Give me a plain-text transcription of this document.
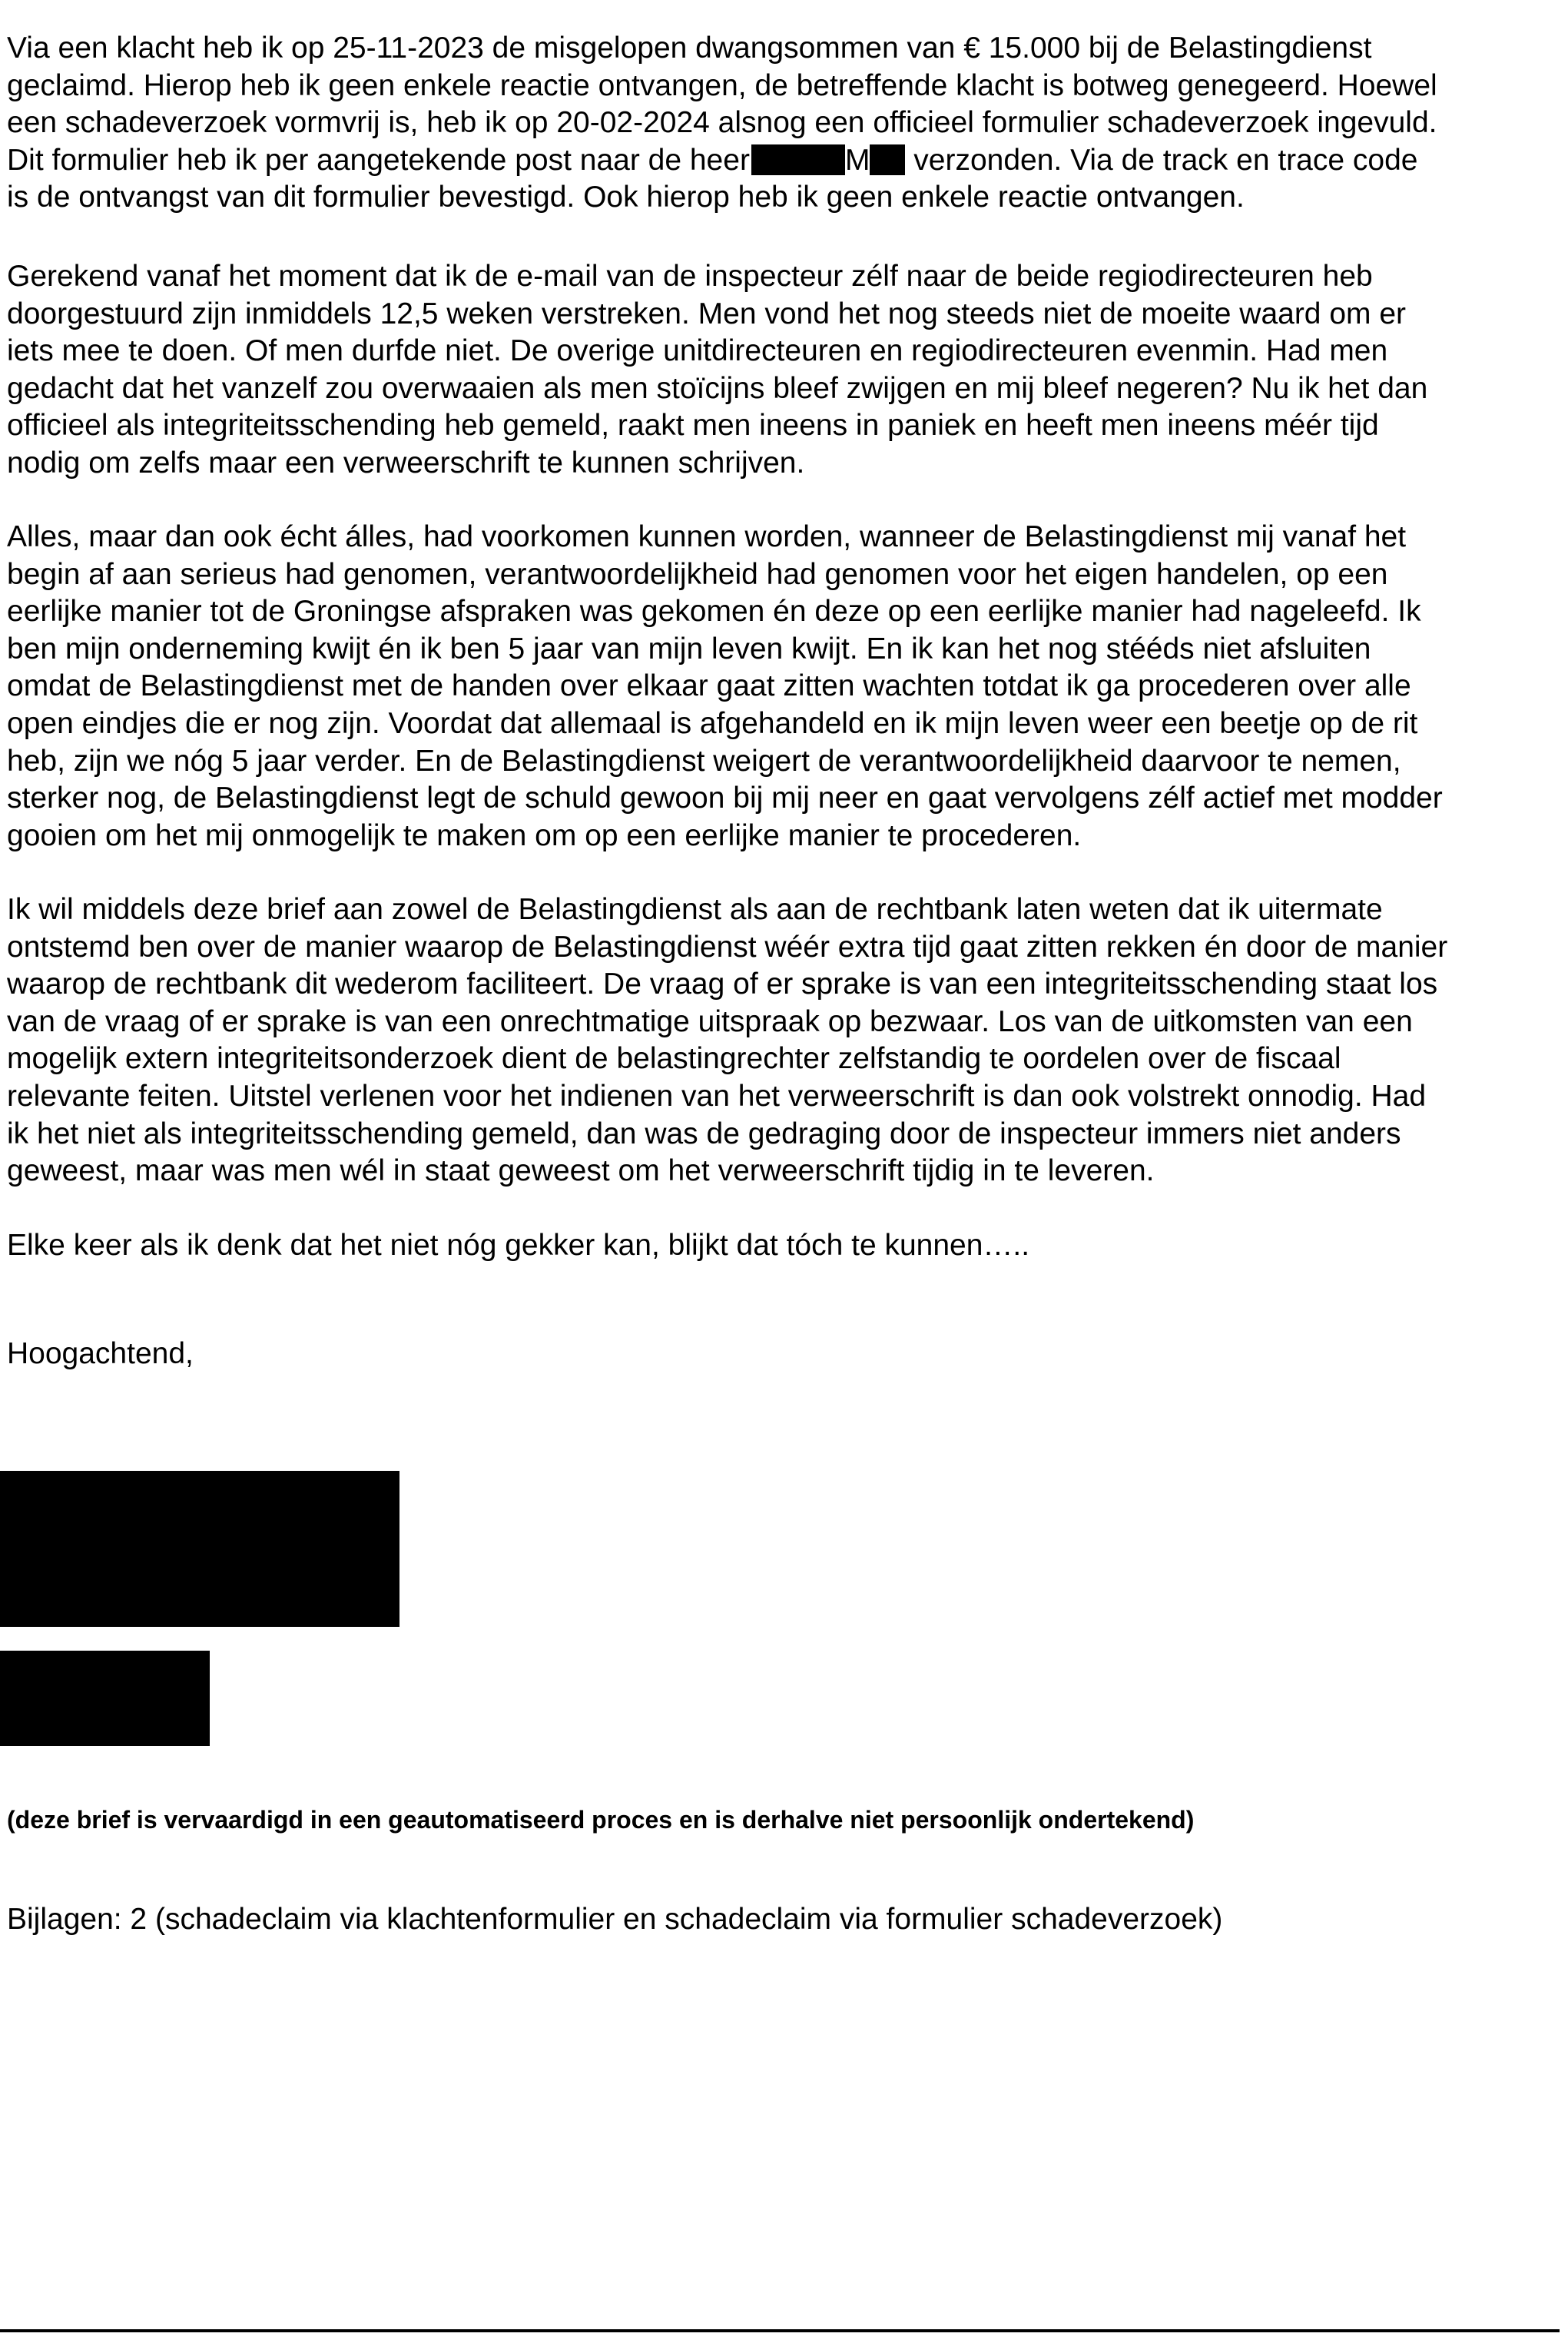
Via een klacht heb ik op 25-11-2023 de misgelopen dwangsommen van € 15.000 bij de Belastingdienst
geclaimd. Hierop heb ik geen enkele reactie ontvangen, de betreffende klacht is botweg genegeerd. Hoewel
een schadeverzoek vormvrij is, heb ik op 20-02-2024 alsnog een officieel formulier schadeverzoek ingevuld.
Dit formulier heb ik per aangetekende post naar de heer	M verzonden. Via de track en trace code
is de ontvangst van dit formulier bevestigd. Ook hierop heb ik geen enkele reactie ontvangen.

Gerekend vanaf het moment dat ik de e-mail van de inspecteur zélf naar de beide regiodirecteuren heb
doorgestuurd zijn inmiddels 12,5 weken verstreken. Men vond het nog steeds niet de moeite waard om er
iets mee te doen. Of men durfde niet. De overige unitdirecteuren en regiodirecteuren evenmin. Had men
gedacht dat het vanzelf zou overwaaien als men stoïcijns bleef zwijgen en mij bleef negeren? Nu ik het dan
officieel als integriteitsschending heb gemeld, raakt men ineens in paniek en heeft men ineens méér tijd
nodig om zelfs maar een verweerschrift te kunnen schrijven.

Alles, maar dan ook écht álles, had voorkomen kunnen worden, wanneer de Belastingdienst mij vanaf het
begin af aan serieus had genomen, verantwoordelijkheid had genomen voor het eigen handelen, op een
eerlijke manier tot de Groningse afspraken was gekomen én deze op een eerlijke manier had nageleefd. Ik
ben mijn onderneming kwijt én ik ben 5 jaar van mijn leven kwijt. En ik kan het nog stééds niet afsluiten
omdat de Belastingdienst met de handen over elkaar gaat zitten wachten totdat ik ga procederen over alle
open eindjes die er nog zijn. Voordat dat allemaal is afgehandeld en ik mijn leven weer een beetje op de rit
heb, zijn we nóg 5 jaar verder. En de Belastingdienst weigert de verantwoordelijkheid daarvoor te nemen,
sterker nog, de Belastingdienst legt de schuld gewoon bij mij neer en gaat vervolgens zélf actief met modder
gooien om het mij onmogelijk te maken om op een eerlijke manier te procederen.

Ik wil middels deze brief aan zowel de Belastingdienst als aan de rechtbank laten weten dat ik uitermate
ontstemd ben over de manier waarop de Belastingdienst wéér extra tijd gaat zitten rekken én door de manier
waarop de rechtbank dit wederom faciliteert. De vraag of er sprake is van een integriteitsschending staat los
van de vraag of er sprake is van een onrechtmatige uitspraak op bezwaar. Los van de uitkomsten van een
mogelijk extern integriteitsonderzoek dient de belastingrechter zelfstandig te oordelen over de fiscaal
relevante feiten. Uitstel verlenen voor het indienen van het verweerschrift is dan ook volstrekt onnodig. Had
ik het niet als integriteitsschending gemeld, dan was de gedraging door de inspecteur immers niet anders
geweest, maar was men wél in staat geweest om het verweerschrift tijdig in te leveren.

Elke keer als ik denk dat het niet nóg gekker kan, blijkt dat tóch te kunnen…..

Hoogachtend,

(deze brief is vervaardigd in een geautomatiseerd proces en is derhalve niet persoonlijk ondertekend)

Bijlagen: 2 (schadeclaim via klachtenformulier en schadeclaim via formulier schadeverzoek)
